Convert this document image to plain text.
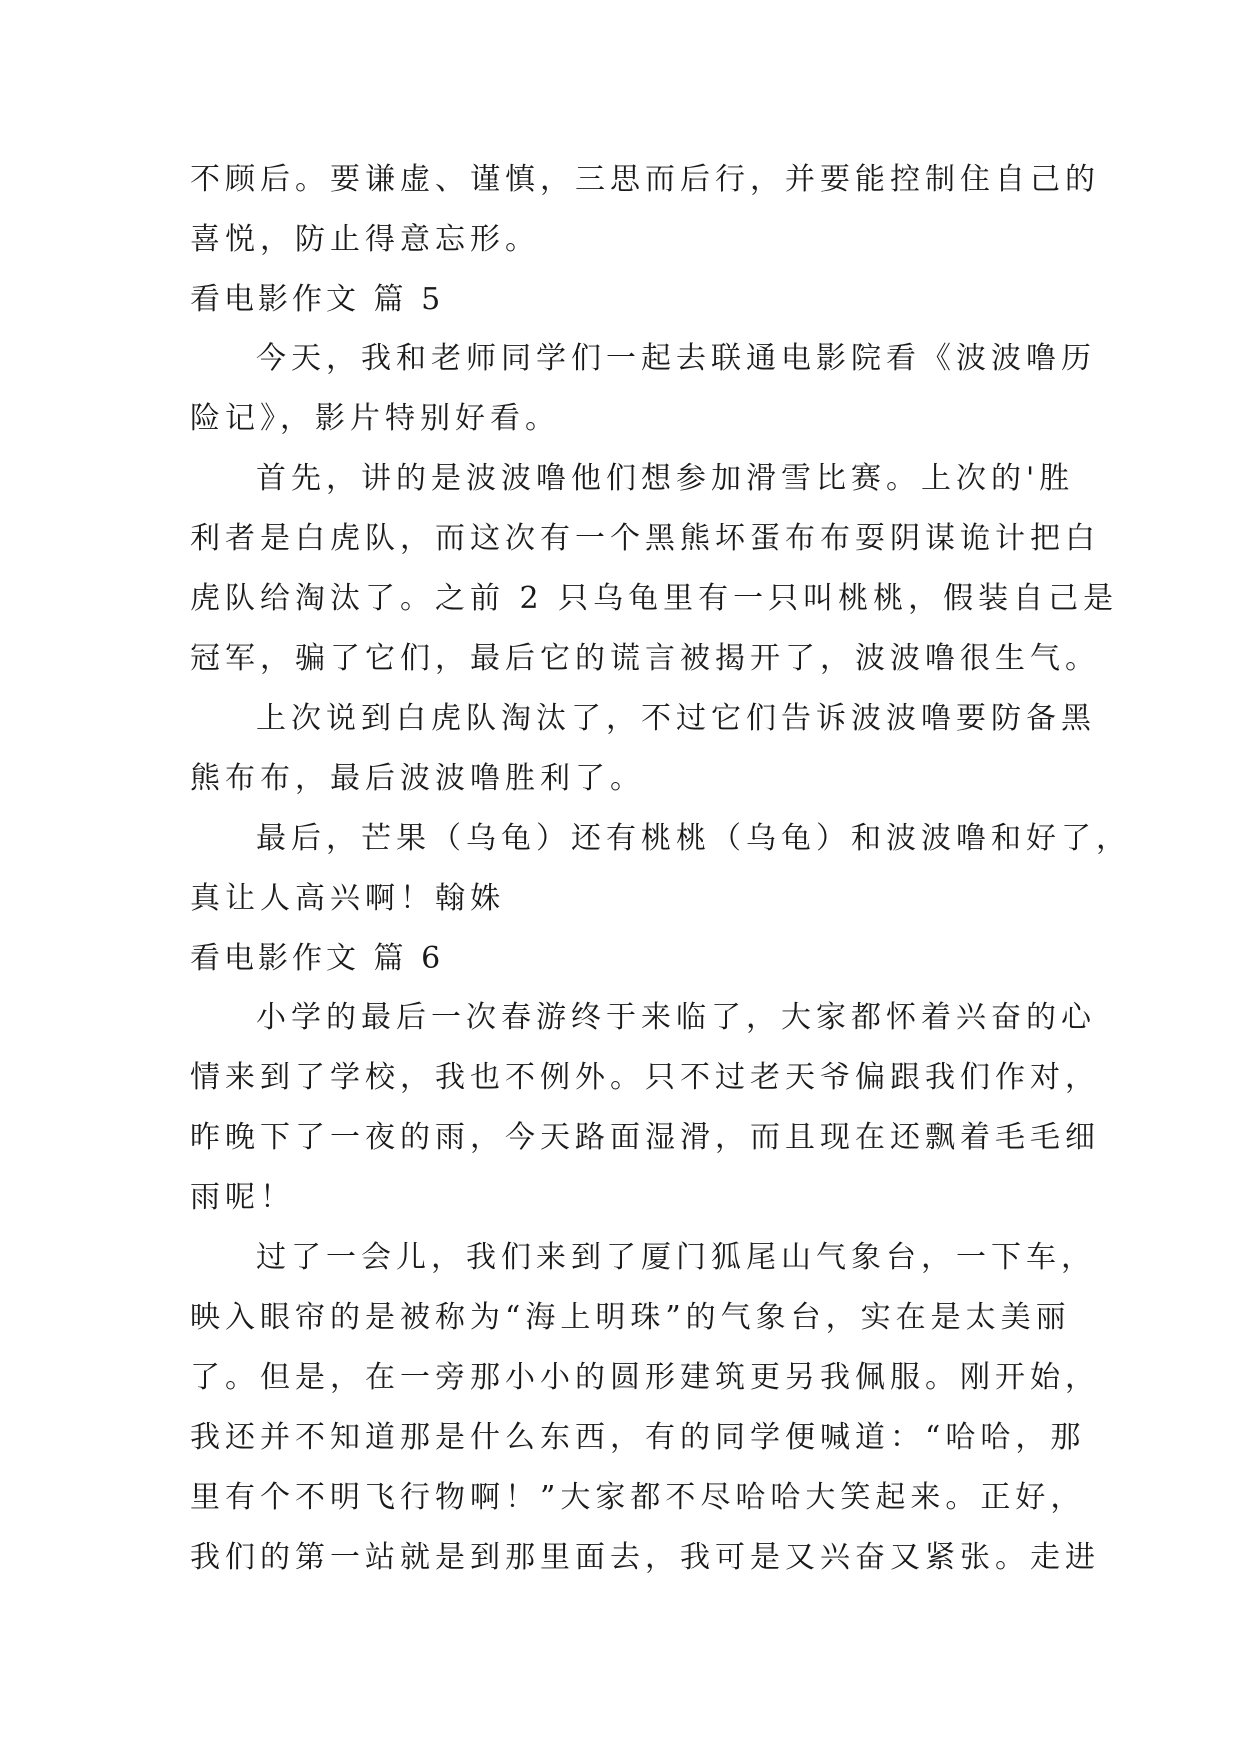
不顾后。要谦虚、谨慎，三思而后行，并要能控制住自己的
喜悦，防止得意忘形。
看电影作文 篇 5
今天，我和老师同学们一起去联通电影院看《波波噜历
险记》，影片特别好看。
首先，讲的是波波噜他们想参加滑雪比赛。上次的'胜
利者是白虎队，而这次有一个黑熊坏蛋布布耍阴谋诡计把白
虎队给淘汰了。之前 2 只乌龟里有一只叫桃桃，假装自己是
冠军，骗了它们，最后它的谎言被揭开了，波波噜很生气。
上次说到白虎队淘汰了，不过它们告诉波波噜要防备黑
熊布布，最后波波噜胜利了。
最后，芒果（乌龟）还有桃桃（乌龟）和波波噜和好了，
真让人高兴啊！翰姝
看电影作文 篇 6
小学的最后一次春游终于来临了，大家都怀着兴奋的心
情来到了学校，我也不例外。只不过老天爷偏跟我们作对，
昨晚下了一夜的雨，今天路面湿滑，而且现在还飘着毛毛细
雨呢！
过了一会儿，我们来到了厦门狐尾山气象台，一下车，
映入眼帘的是被称为“海上明珠”的气象台，实在是太美丽
了。但是，在一旁那小小的圆形建筑更另我佩服。刚开始，
我还并不知道那是什么东西，有的同学便喊道：“哈哈，那
里有个不明飞行物啊！”大家都不尽哈哈大笑起来。正好，
我们的第一站就是到那里面去，我可是又兴奋又紧张。走进
